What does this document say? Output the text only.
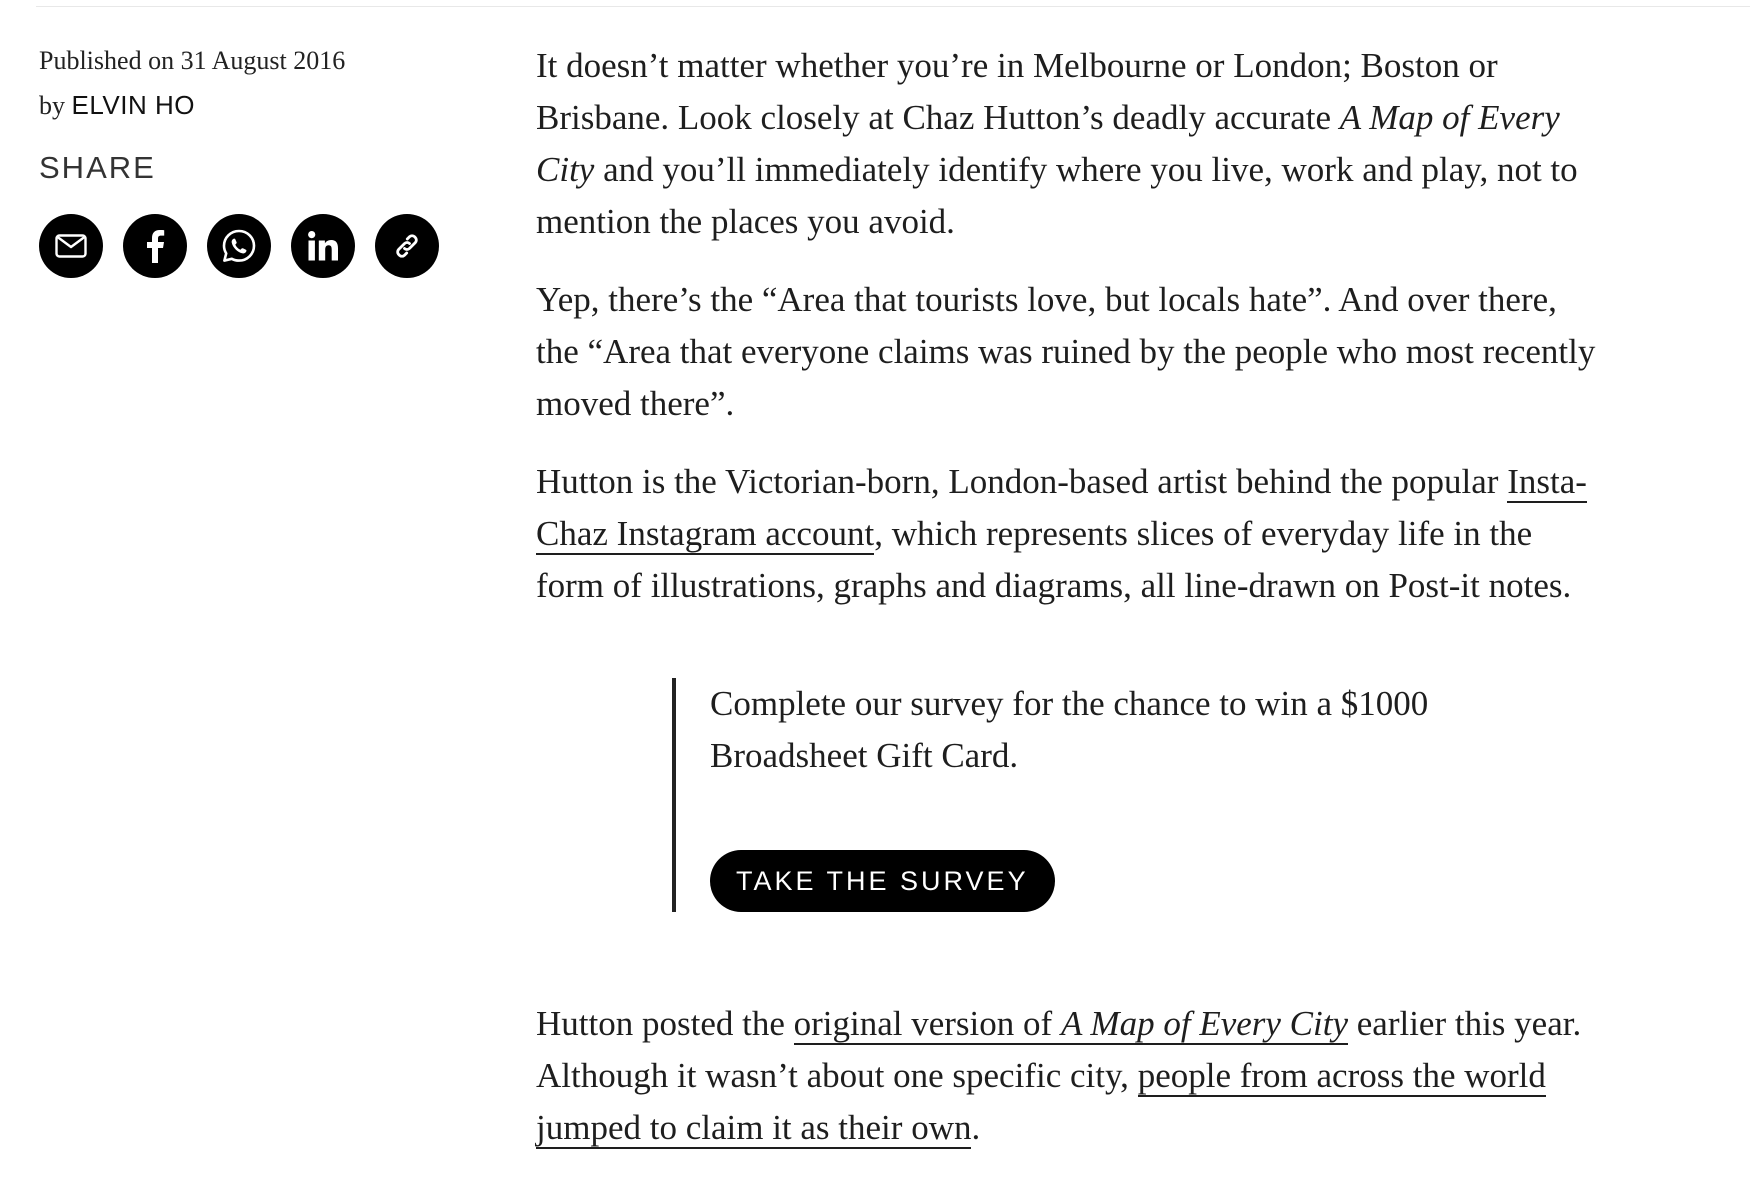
Published on 31 August 2016
by ELVIN HO
SHARE

It doesn’t matter whether you’re in Melbourne or London; Boston or Brisbane. Look closely at Chaz Hutton’s deadly accurate A Map of Every City and you’ll immediately identify where you live, work and play, not to mention the places you avoid.

Yep, there’s the “Area that tourists love, but locals hate”. And over there, the “Area that everyone claims was ruined by the people who most recently moved there”.

Hutton is the Victorian-born, London-based artist behind the popular Insta-Chaz Instagram account, which represents slices of everyday life in the form of illustrations, graphs and diagrams, all line-drawn on Post-it notes.

Complete our survey for the chance to win a $1000 Broadsheet Gift Card.

TAKE THE SURVEY

Hutton posted the original version of A Map of Every City earlier this year. Although it wasn’t about one specific city, people from across the world jumped to claim it as their own.
